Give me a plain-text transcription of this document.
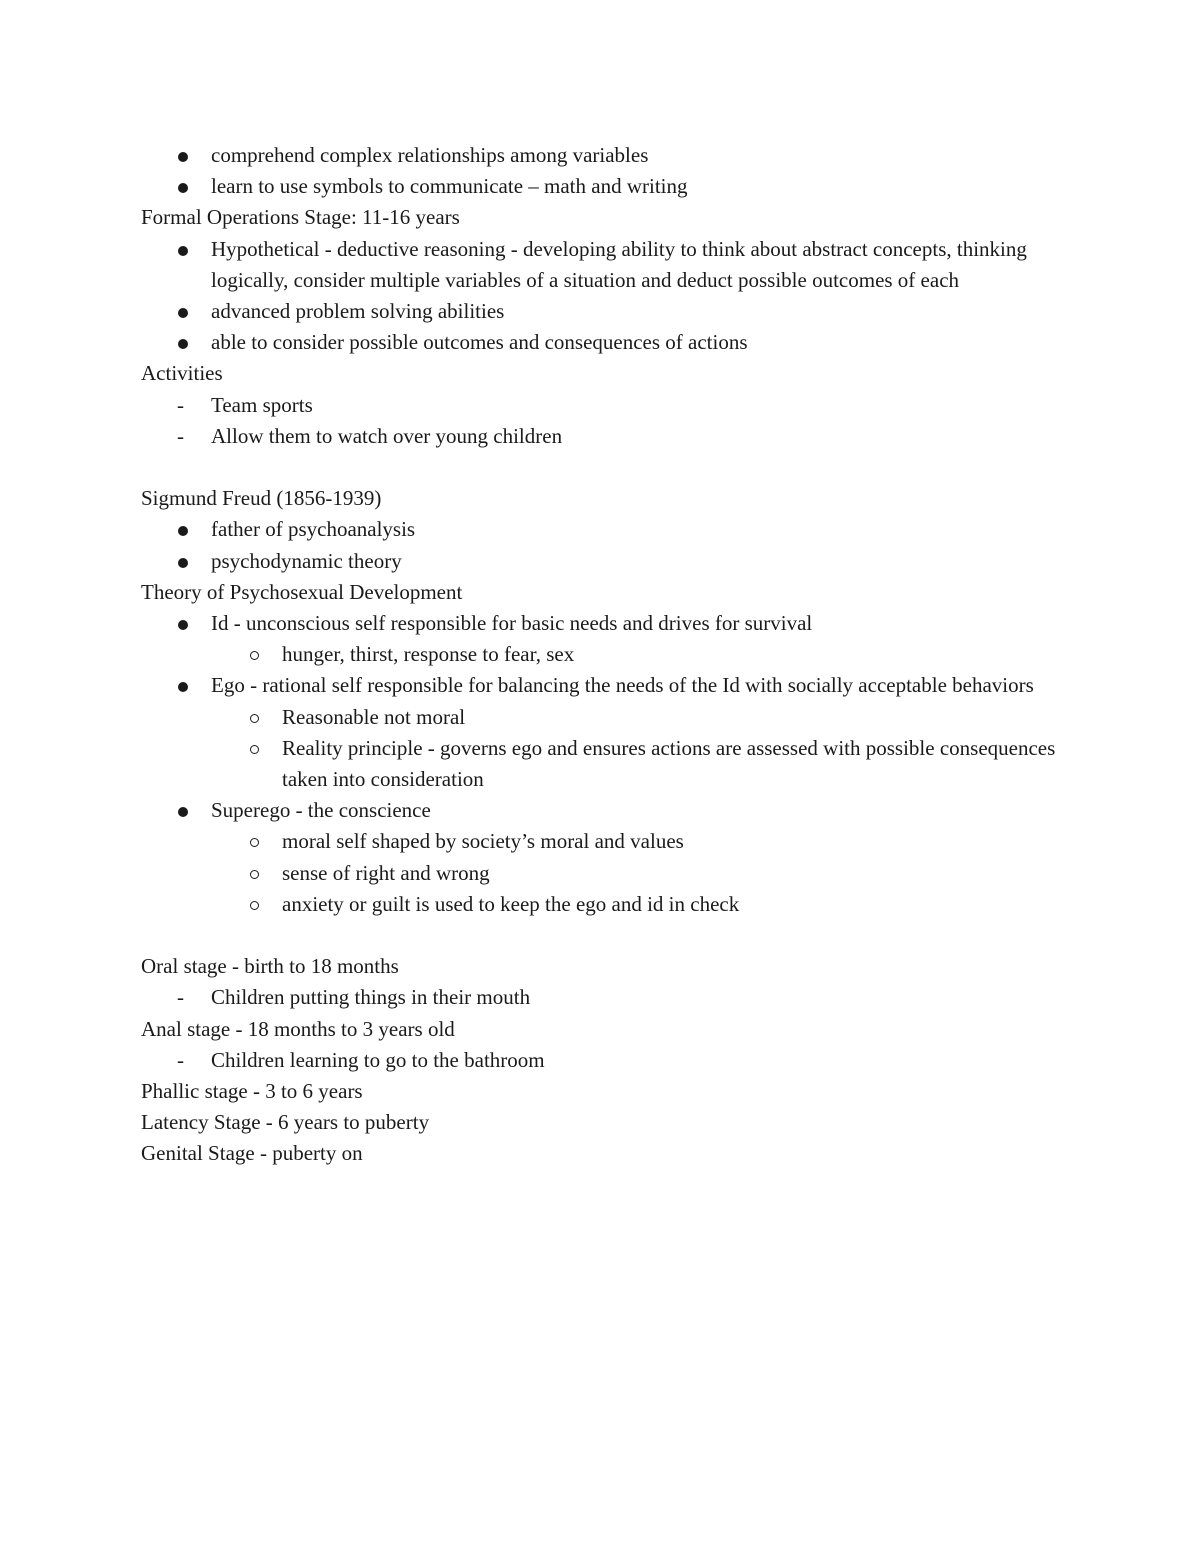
comprehend complex relationships among variables
learn to use symbols to communicate – math and writing

Formal Operations Stage: 11-16 years

Hypothetical - deductive reasoning - developing ability to think about abstract concepts, thinking logically, consider multiple variables of a situation and deduct possible outcomes of each
advanced problem solving abilities
able to consider possible outcomes and consequences of actions

Activities

- Team sports
- Allow them to watch over young children

Sigmund Freud (1856-1939)

father of psychoanalysis
psychodynamic theory

Theory of Psychosexual Development

Id - unconscious self responsible for basic needs and drives for survival
hunger, thirst, response to fear, sex
Ego - rational self responsible for balancing the needs of the Id with socially acceptable behaviors
Reasonable not moral
Reality principle - governs ego and ensures actions are assessed with possible consequences taken into consideration
Superego - the conscience
moral self shaped by society’s moral and values
sense of right and wrong
anxiety or guilt is used to keep the ego and id in check

Oral stage - birth to 18 months

- Children putting things in their mouth

Anal stage - 18 months to 3 years old

- Children learning to go to the bathroom

Phallic stage - 3 to 6 years

Latency Stage - 6 years to puberty

Genital Stage - puberty on
